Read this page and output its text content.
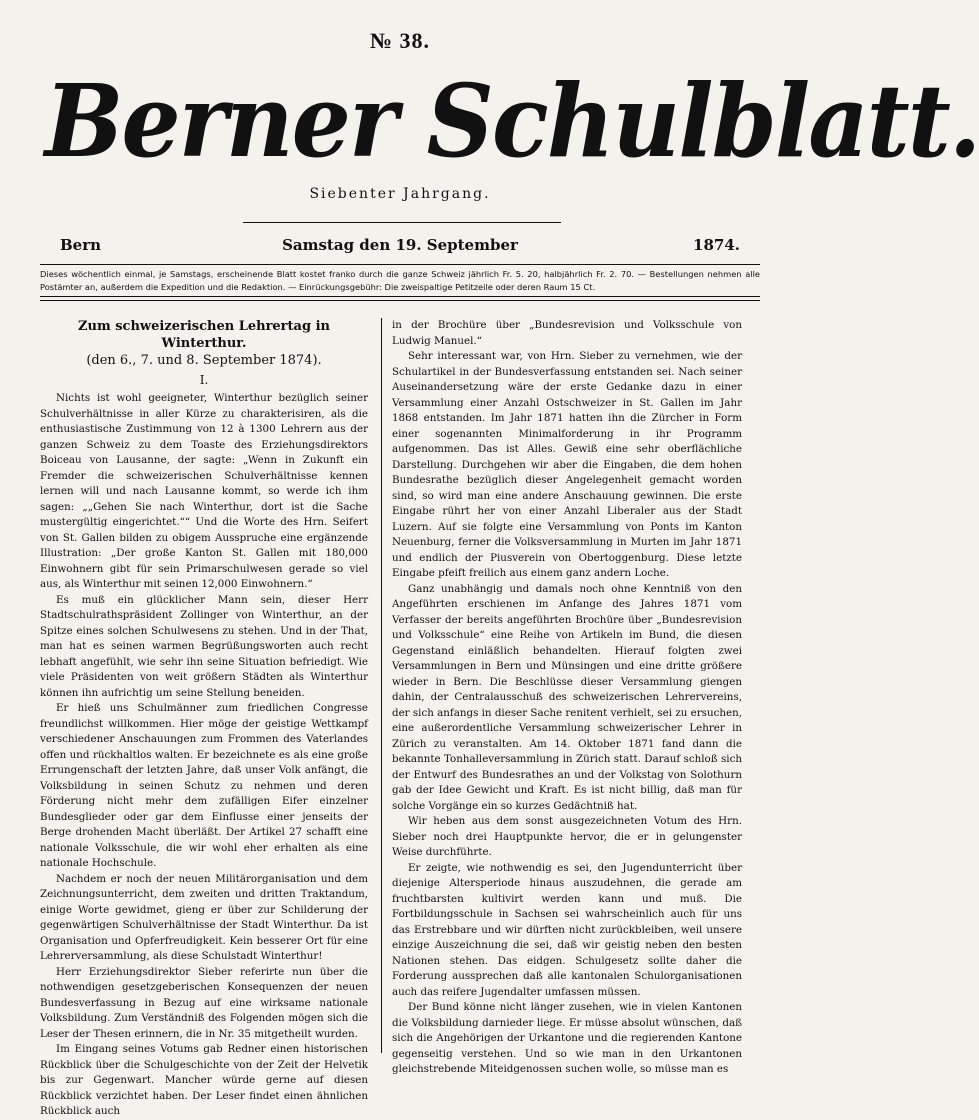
№ 38.
Berner Schulblatt.
Siebenter Jahrgang.
Bern	Samstag den 19. September	1874.
Dieses wöchentlich einmal, je Samstags, erscheinende Blatt kostet franko durch die ganze Schweiz jährlich Fr. 5. 20, halbjährlich Fr. 2. 70. — Bestellungen nehmen alle Postämter an, außerdem die Expedition und die Redaktion. — Einrückungsgebühr: Die zweispaltige Petitzeile oder deren Raum 15 Ct.
Zum schweizerischen Lehrertag in Winterthur.
(den 6., 7. und 8. September 1874).
I.

Nichts ist wohl geeigneter, Winterthur bezüglich seiner Schulverhältnisse in aller Kürze zu charakterisiren, als die enthusiastische Zustimmung von 12 à 1300 Lehrern aus der ganzen Schweiz zu dem Toaste des Erziehungsdirektors Boiceau von Lausanne, der sagte: „Wenn in Zukunft ein Fremder die schweizerischen Schulverhältnisse kennen lernen will und nach Lausanne kommt, so werde ich ihm sagen: „„Gehen Sie nach Winterthur, dort ist die Sache mustergültig eingerichtet.““ Und die Worte des Hrn. Seifert von St. Gallen bilden zu obigem Ausspruche eine ergänzende Illustration: „Der große Kanton St. Gallen mit 180,000 Einwohnern gibt für sein Primarschulwesen gerade so viel aus, als Winterthur mit seinen 12,000 Einwohnern.“

Es muß ein glücklicher Mann sein, dieser Herr Stadtschulrathspräsident Zollinger von Winterthur, an der Spitze eines solchen Schulwesens zu stehen. Und in der That, man hat es seinen warmen Begrüßungsworten auch recht lebhaft angefühlt, wie sehr ihn seine Situation befriedigt. Wie viele Präsidenten von weit größern Städten als Winterthur können ihn aufrichtig um seine Stellung beneiden.

Er hieß uns Schulmänner zum friedlichen Congresse freundlichst willkommen. Hier möge der geistige Wettkampf verschiedener Anschauungen zum Frommen des Vaterlandes offen und rückhaltlos walten. Er bezeichnete es als eine große Errungenschaft der letzten Jahre, daß unser Volk anfängt, die Volksbildung in seinen Schutz zu nehmen und deren Förderung nicht mehr dem zufälligen Eifer einzelner Bundesglieder oder gar dem Einflusse einer jenseits der Berge drohenden Macht überläßt. Der Artikel 27 schafft eine nationale Volksschule, die wir wohl eher erhalten als eine nationale Hochschule.

Nachdem er noch der neuen Militärorganisation und dem Zeichnungsunterricht, dem zweiten und dritten Traktandum, einige Worte gewidmet, gieng er über zur Schilderung der gegenwärtigen Schulverhältnisse der Stadt Winterthur. Da ist Organisation und Opferfreudigkeit. Kein besserer Ort für eine Lehrerversammlung, als diese Schulstadt Winterthur!

Herr Erziehungsdirektor Sieber referirte nun über die nothwendigen gesetzgeberischen Konsequenzen der neuen Bundesverfassung in Bezug auf eine wirksame nationale Volksbildung. Zum Verständniß des Folgenden mögen sich die Leser der Thesen erinnern, die in Nr. 35 mitgetheilt wurden.

Im Eingang seines Votums gab Redner einen historischen Rückblick über die Schulgeschichte von der Zeit der Helvetik bis zur Gegenwart. Mancher würde gerne auf diesen Rückblick verzichtet haben. Der Leser findet einen ähnlichen Rückblick auch

in der Brochüre über „Bundesrevision und Volksschule von Ludwig Manuel.“

Sehr interessant war, von Hrn. Sieber zu vernehmen, wie der Schulartikel in der Bundesverfassung entstanden sei. Nach seiner Auseinandersetzung wäre der erste Gedanke dazu in einer Versammlung einer Anzahl Ostschweizer in St. Gallen im Jahr 1868 entstanden. Im Jahr 1871 hatten ihn die Zürcher in Form einer sogenannten Minimalforderung in ihr Programm aufgenommen. Das ist Alles. Gewiß eine sehr oberflächliche Darstellung. Durchgehen wir aber die Eingaben, die dem hohen Bundesrathe bezüglich dieser Angelegenheit gemacht worden sind, so wird man eine andere Anschauung gewinnen. Die erste Eingabe rührt her von einer Anzahl Liberaler aus der Stadt Luzern. Auf sie folgte eine Versammlung von Ponts im Kanton Neuenburg, ferner die Volksversammlung in Murten im Jahr 1871 und endlich der Piusverein von Obertoggenburg. Diese letzte Eingabe pfeift freilich aus einem ganz andern Loche.

Ganz unabhängig und damals noch ohne Kenntniß von den Angeführten erschienen im Anfange des Jahres 1871 vom Verfasser der bereits angeführten Brochüre über „Bundesrevision und Volksschule“ eine Reihe von Artikeln im Bund, die diesen Gegenstand einläßlich behandelten. Hierauf folgten zwei Versammlungen in Bern und Münsingen und eine dritte größere wieder in Bern. Die Beschlüsse dieser Versammlung giengen dahin, der Centralausschuß des schweizerischen Lehrervereins, der sich anfangs in dieser Sache renitent verhielt, sei zu ersuchen, eine außerordentliche Versammlung schweizerischer Lehrer in Zürich zu veranstalten. Am 14. Oktober 1871 fand dann die bekannte Tonhalleversammlung in Zürich statt. Darauf schloß sich der Entwurf des Bundesrathes an und der Volkstag von Solothurn gab der Idee Gewicht und Kraft. Es ist nicht billig, daß man für solche Vorgänge ein so kurzes Gedächtniß hat.

Wir heben aus dem sonst ausgezeichneten Votum des Hrn. Sieber noch drei Hauptpunkte hervor, die er in gelungenster Weise durchführte.

Er zeigte, wie nothwendig es sei, den Jugendunterricht über diejenige Altersperiode hinaus auszudehnen, die gerade am fruchtbarsten kultivirt werden kann und muß. Die Fortbildungsschule in Sachsen sei wahrscheinlich auch für uns das Erstrebbare und wir dürften nicht zurückbleiben, weil unsere einzige Auszeichnung die sei, daß wir geistig neben den besten Nationen stehen. Das eidgen. Schulgesetz sollte daher die Forderung aussprechen daß alle kantonalen Schulorganisationen auch das reifere Jugendalter umfassen müssen.

Der Bund könne nicht länger zusehen, wie in vielen Kantonen die Volksbildung darnieder liege. Er müsse absolut wünschen, daß sich die Angehörigen der Urkantone und die regierenden Kantone gegenseitig verstehen. Und so wie man in den Urkantonen gleichstrebende Miteidgenossen suchen wolle, so müsse man es
